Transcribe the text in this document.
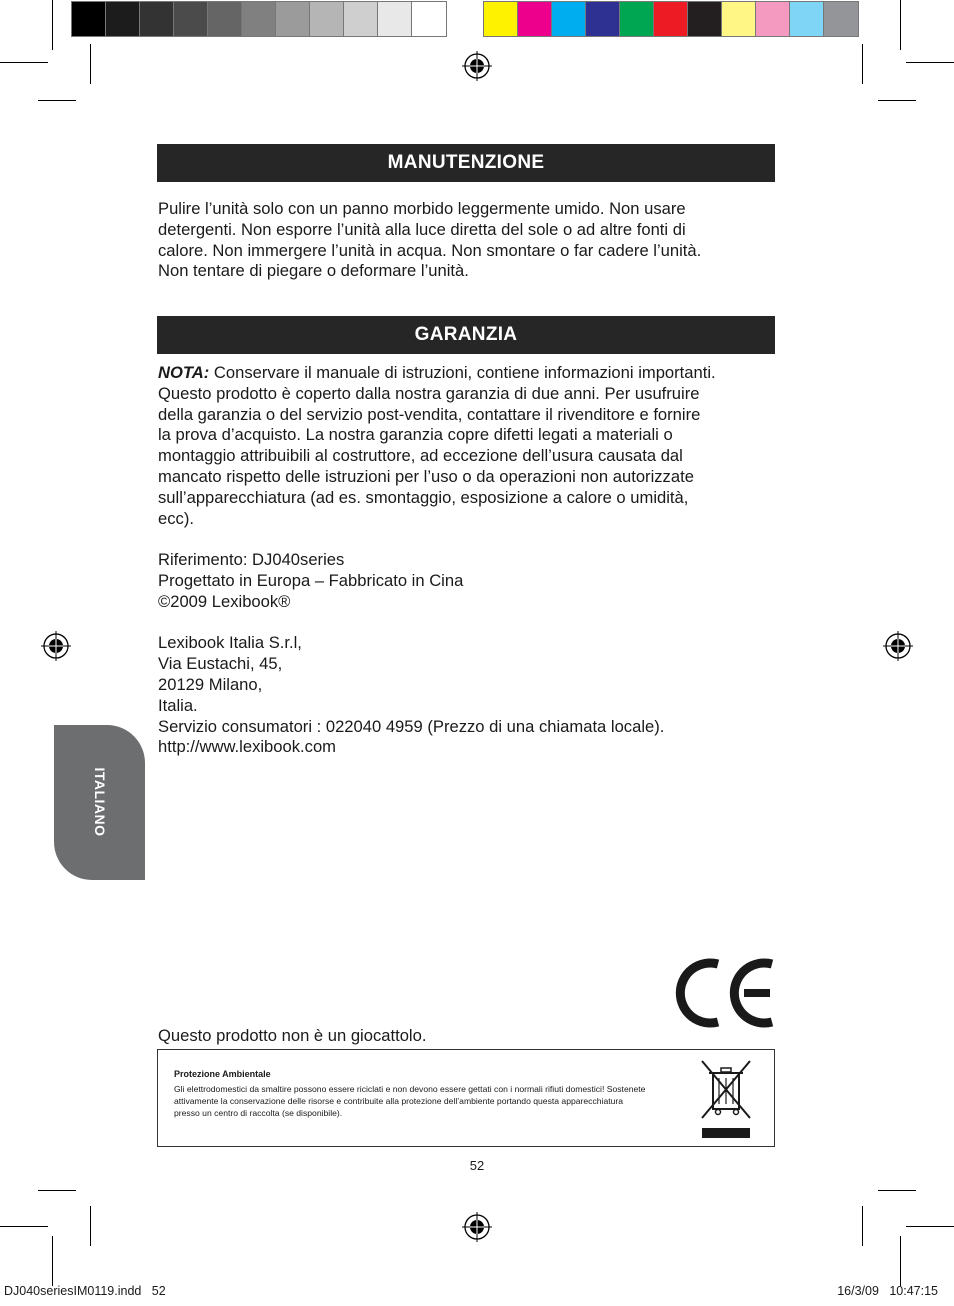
MANUTENZIONE

Pulire l’unità solo con un panno morbido leggermente umido. Non usare

detergenti. Non esporre l’unità alla luce diretta del sole o ad altre fonti di

calore. Non immergere l’unità in acqua. Non smontare o far cadere l’unità.

Non tentare di piegare o deformare l’unità.

GARANZIA

NOTA: Conservare il manuale di istruzioni, contiene informazioni importanti.

Questo prodotto è coperto dalla nostra garanzia di due anni. Per usufruire

della garanzia o del servizio post-vendita, contattare il rivenditore e fornire

la prova d’acquisto. La nostra garanzia copre difetti legati a materiali o

montaggio attribuibili al costruttore, ad eccezione dell’usura causata dal

mancato rispetto delle istruzioni per l’uso o da operazioni non autorizzate

sull’apparecchiatura (ad es. smontaggio, esposizione a calore o umidità,

ecc).

Riferimento: DJ040series

Progettato in Europa – Fabbricato in Cina

©2009 Lexibook®

Lexibook Italia S.r.l,

Via Eustachi, 45,

20129 Milano,

Italia.

Servizio consumatori : 022040 4959 (Prezzo di una chiamata locale).

http://www.lexibook.com

ITALIANO
Questo prodotto non è un giocattolo.
Protezione Ambientale
Gli elettrodomestici da smaltire possono essere riciclati e non devono essere gettati con i normali rifiuti domestici! Sostenete
attivamente la conservazione delle risorse e contribuite alla protezione dell’ambiente portando questa apparecchiatura
presso un centro di raccolta (se disponibile).
52
DJ040seriesIM0119.indd   52	16/3/09   10:47:15
